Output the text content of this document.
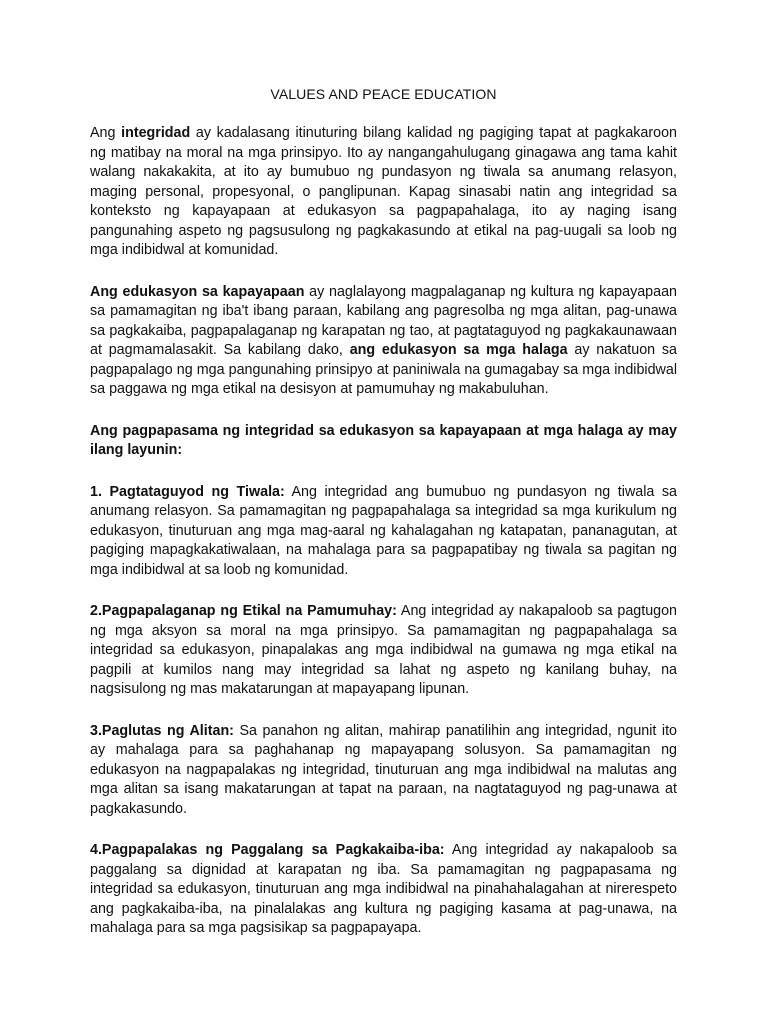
VALUES AND PEACE EDUCATION

Ang integridad ay kadalasang itinuturing bilang kalidad ng pagiging tapat at pagkakaroon ng matibay na moral na mga prinsipyo. Ito ay nangangahulugang ginagawa ang tama kahit walang nakakakita, at ito ay bumubuo ng pundasyon ng tiwala sa anumang relasyon, maging personal, propesyonal, o panglipunan. Kapag sinasabi natin ang integridad sa konteksto ng kapayapaan at edukasyon sa pagpapahalaga, ito ay naging isang pangunahing aspeto ng pagsusulong ng pagkakasundo at etikal na pag-uugali sa loob ng mga indibidwal at komunidad.

Ang edukasyon sa kapayapaan ay naglalayong magpalaganap ng kultura ng kapayapaan sa pamamagitan ng iba't ibang paraan, kabilang ang pagresolba ng mga alitan, pag-unawa sa pagkakaiba, pagpapalaganap ng karapatan ng tao, at pagtataguyod ng pagkakaunawaan at pagmamalasakit. Sa kabilang dako, ang edukasyon sa mga halaga ay nakatuon sa pagpapalago ng mga pangunahing prinsipyo at paniniwala na gumagabay sa mga indibidwal sa paggawa ng mga etikal na desisyon at pamumuhay ng makabuluhan.

Ang pagpapasama ng integridad sa edukasyon sa kapayapaan at mga halaga ay may ilang layunin:

1. Pagtataguyod ng Tiwala: Ang integridad ang bumubuo ng pundasyon ng tiwala sa anumang relasyon. Sa pamamagitan ng pagpapahalaga sa integridad sa mga kurikulum ng edukasyon, tinuturuan ang mga mag-aaral ng kahalagahan ng katapatan, pananagutan, at pagiging mapagkakatiwalaan, na mahalaga para sa pagpapatibay ng tiwala sa pagitan ng mga indibidwal at sa loob ng komunidad.

2.Pagpapalaganap ng Etikal na Pamumuhay: Ang integridad ay nakapaloob sa pagtugon ng mga aksyon sa moral na mga prinsipyo. Sa pamamagitan ng pagpapahalaga sa integridad sa edukasyon, pinapalakas ang mga indibidwal na gumawa ng mga etikal na pagpili at kumilos nang may integridad sa lahat ng aspeto ng kanilang buhay, na nagsisulong ng mas makatarungan at mapayapang lipunan.

3.Paglutas ng Alitan: Sa panahon ng alitan, mahirap panatilihin ang integridad, ngunit ito ay mahalaga para sa paghahanap ng mapayapang solusyon. Sa pamamagitan ng edukasyon na nagpapalakas ng integridad, tinuturuan ang mga indibidwal na malutas ang mga alitan sa isang makatarungan at tapat na paraan, na nagtataguyod ng pag-unawa at pagkakasundo.

4.Pagpapalakas ng Paggalang sa Pagkakaiba-iba: Ang integridad ay nakapaloob sa paggalang sa dignidad at karapatan ng iba. Sa pamamagitan ng pagpapasama ng integridad sa edukasyon, tinuturuan ang mga indibidwal na pinahahalagahan at nirerespeto ang pagkakaiba-iba, na pinalalakas ang kultura ng pagiging kasama at pag-unawa, na mahalaga para sa mga pagsisikap sa pagpapayapa.
